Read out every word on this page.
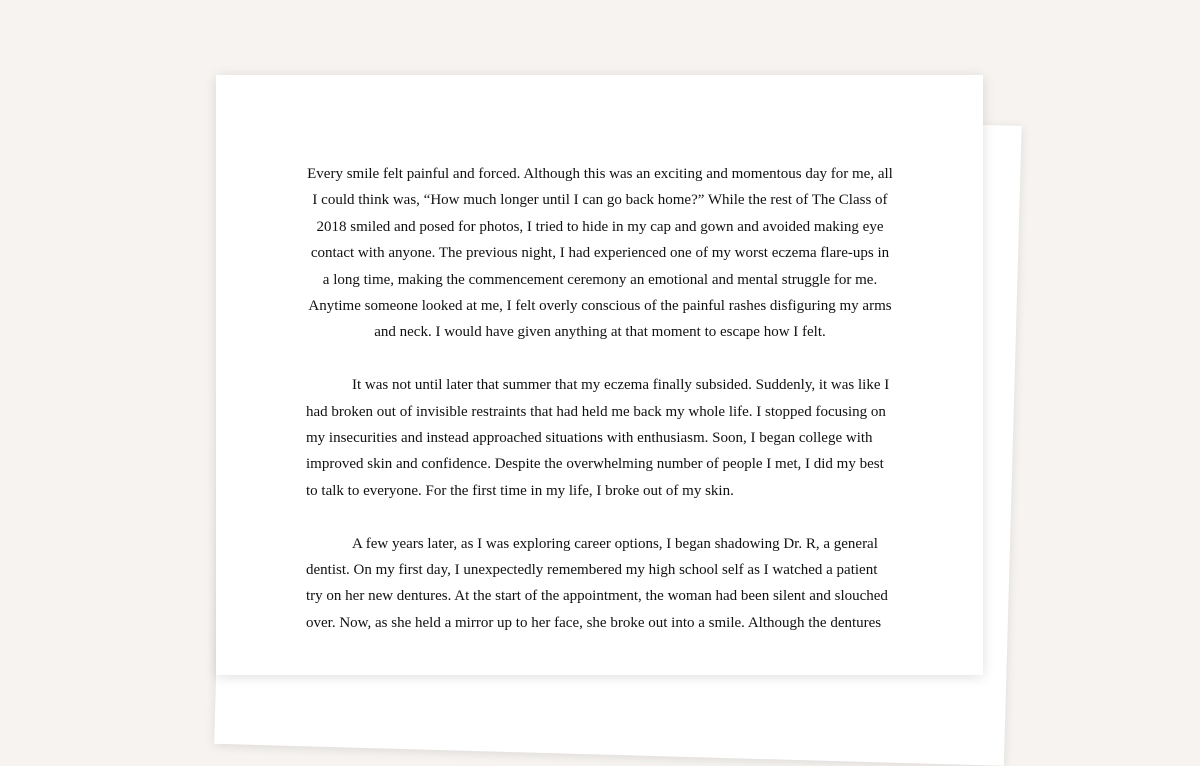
Every smile felt painful and forced. Although this was an exciting and momentous day for me, all I could think was, “How much longer until I can go back home?” While the rest of The Class of 2018 smiled and posed for photos, I tried to hide in my cap and gown and avoided making eye contact with anyone. The previous night, I had experienced one of my worst eczema flare-ups in a long time, making the commencement ceremony an emotional and mental struggle for me. Anytime someone looked at me, I felt overly conscious of the painful rashes disfiguring my arms and neck. I would have given anything at that moment to escape how I felt.

It was not until later that summer that my eczema finally subsided. Suddenly, it was like I had broken out of invisible restraints that had held me back my whole life. I stopped focusing on my insecurities and instead approached situations with enthusiasm. Soon, I began college with improved skin and confidence. Despite the overwhelming number of people I met, I did my best to talk to everyone. For the first time in my life, I broke out of my skin.

A few years later, as I was exploring career options, I began shadowing Dr. R, a general dentist. On my first day, I unexpectedly remembered my high school self as I watched a patient try on her new dentures. At the start of the appointment, the woman had been silent and slouched over. Now, as she held a mirror up to her face, she broke out into a smile. Although the dentures
